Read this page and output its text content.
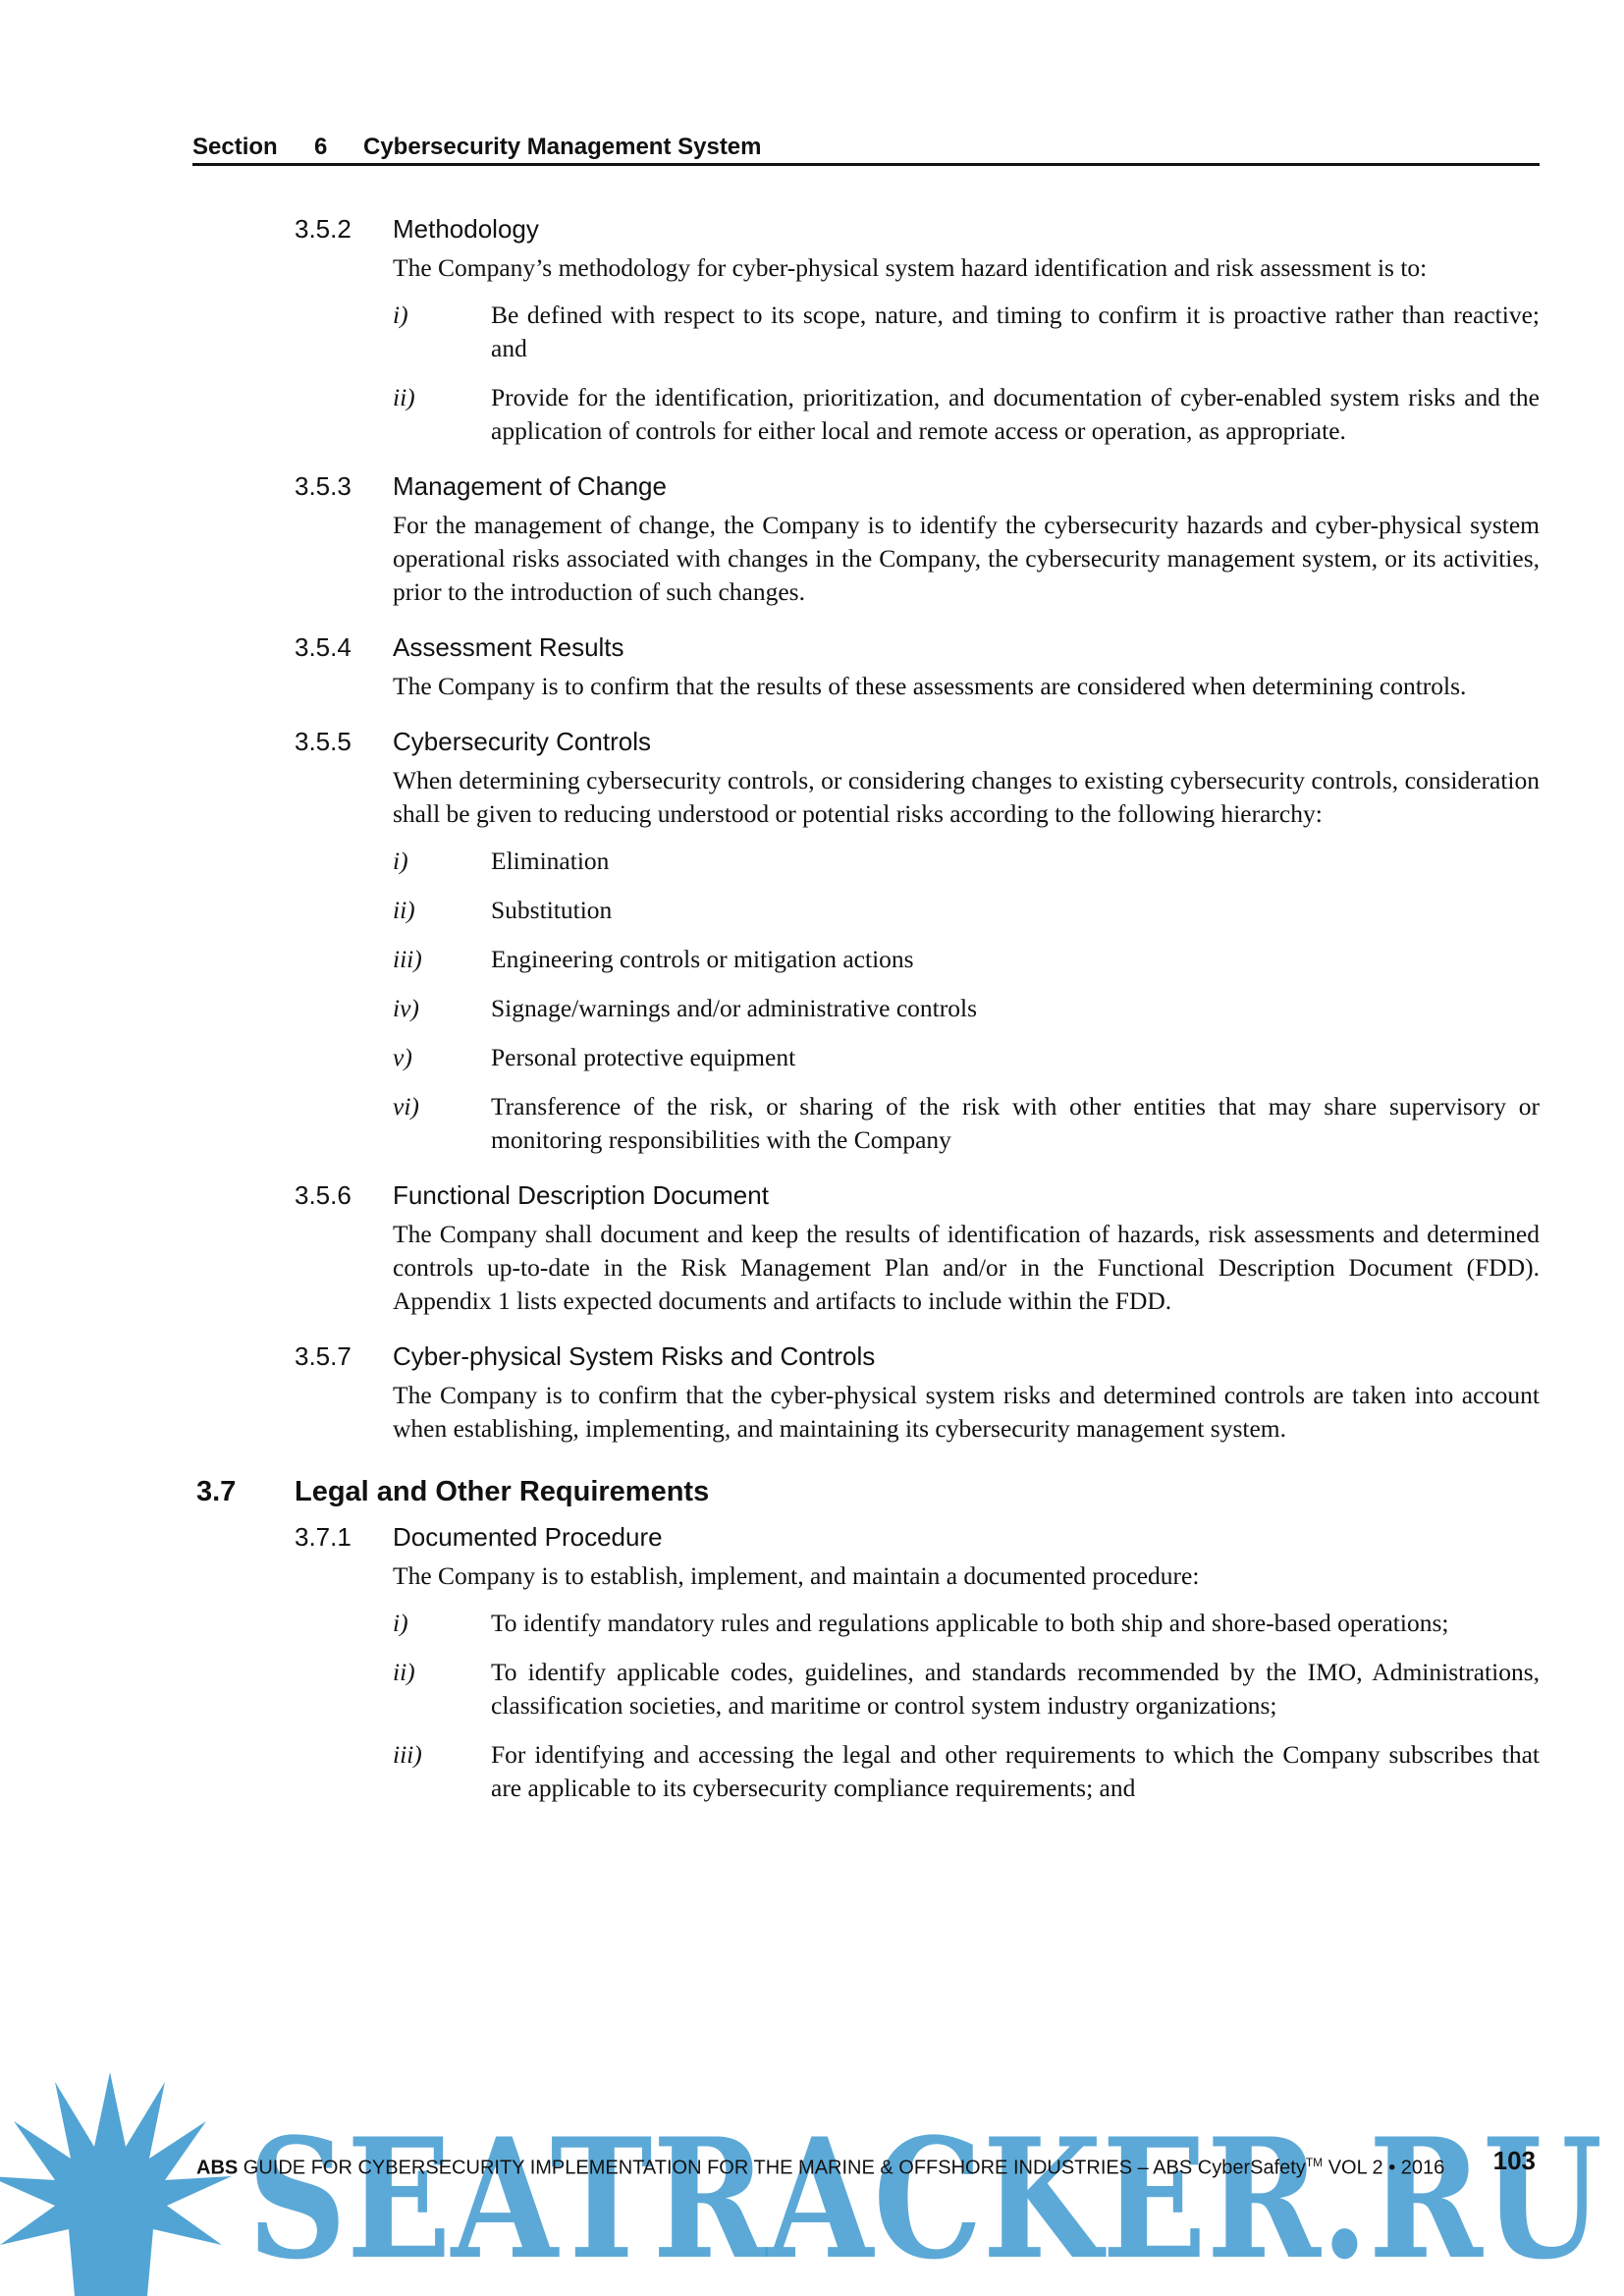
Section 6 Cybersecurity Management System
3.5.2 Methodology
The Company’s methodology for cyber-physical system hazard identification and risk assessment is to:
i)	Be defined with respect to its scope, nature, and timing to confirm it is proactive rather than reactive; and
ii)	Provide for the identification, prioritization, and documentation of cyber-enabled system risks and the application of controls for either local and remote access or operation, as appropriate.
3.5.3 Management of Change
For the management of change, the Company is to identify the cybersecurity hazards and cyber-physical system operational risks associated with changes in the Company, the cybersecurity management system, or its activities, prior to the introduction of such changes.
3.5.4 Assessment Results
The Company is to confirm that the results of these assessments are considered when determining controls.
3.5.5 Cybersecurity Controls
When determining cybersecurity controls, or considering changes to existing cybersecurity controls, consideration shall be given to reducing understood or potential risks according to the following hierarchy:
i)	Elimination
ii)	Substitution
iii)	Engineering controls or mitigation actions
iv)	Signage/warnings and/or administrative controls
v)	Personal protective equipment
vi)	Transference of the risk, or sharing of the risk with other entities that may share supervisory or monitoring responsibilities with the Company
3.5.6 Functional Description Document
The Company shall document and keep the results of identification of hazards, risk assessments and determined controls up-to-date in the Risk Management Plan and/or in the Functional Description Document (FDD). Appendix 1 lists expected documents and artifacts to include within the FDD.
3.5.7 Cyber-physical System Risks and Controls
The Company is to confirm that the cyber-physical system risks and determined controls are taken into account when establishing, implementing, and maintaining its cybersecurity management system.
3.7 Legal and Other Requirements
3.7.1 Documented Procedure
The Company is to establish, implement, and maintain a documented procedure:
i)	To identify mandatory rules and regulations applicable to both ship and shore-based operations;
ii)	To identify applicable codes, guidelines, and standards recommended by the IMO, Administrations, classification societies, and maritime or control system industry organizations;
iii)	For identifying and accessing the legal and other requirements to which the Company subscribes that are applicable to its cybersecurity compliance requirements; and
SEATRACKER.RU
ABS GUIDE FOR CYBERSECURITY IMPLEMENTATION FOR THE MARINE & OFFSHORE INDUSTRIES – ABS CyberSafety™ VOL 2 • 2016 103
